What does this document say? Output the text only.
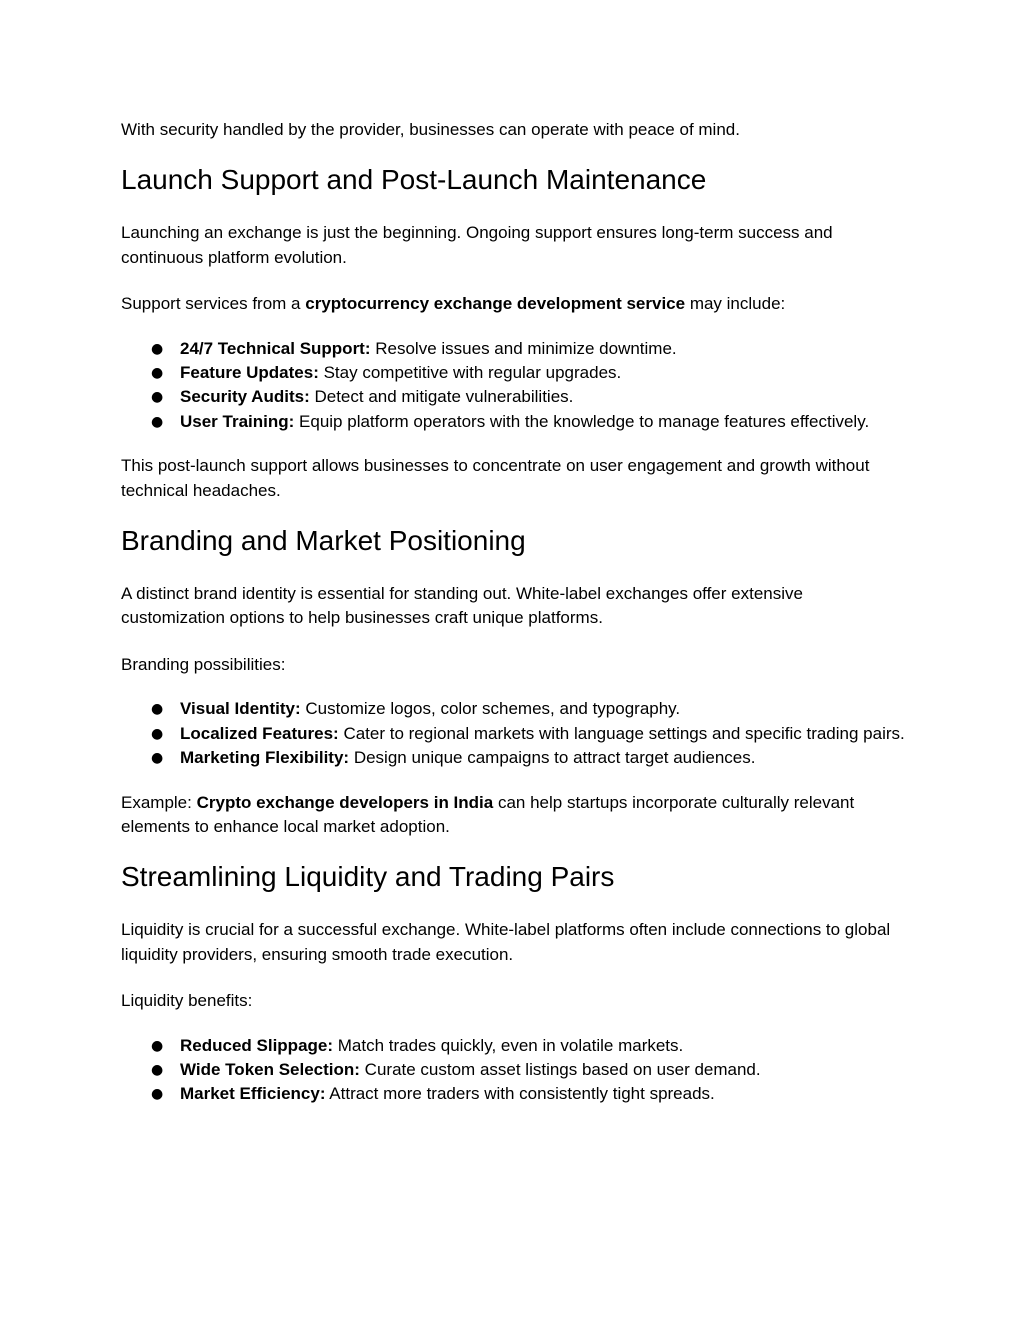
With security handled by the provider, businesses can operate with peace of mind.

Launch Support and Post-Launch Maintenance

Launching an exchange is just the beginning. Ongoing support ensures long-term success and continuous platform evolution.

Support services from a cryptocurrency exchange development service may include:

● 24/7 Technical Support: Resolve issues and minimize downtime.
● Feature Updates: Stay competitive with regular upgrades.
● Security Audits: Detect and mitigate vulnerabilities.
● User Training: Equip platform operators with the knowledge to manage features effectively.

This post-launch support allows businesses to concentrate on user engagement and growth without technical headaches.

Branding and Market Positioning

A distinct brand identity is essential for standing out. White-label exchanges offer extensive customization options to help businesses craft unique platforms.

Branding possibilities:

● Visual Identity: Customize logos, color schemes, and typography.
● Localized Features: Cater to regional markets with language settings and specific trading pairs.
● Marketing Flexibility: Design unique campaigns to attract target audiences.

Example: Crypto exchange developers in India can help startups incorporate culturally relevant elements to enhance local market adoption.

Streamlining Liquidity and Trading Pairs

Liquidity is crucial for a successful exchange. White-label platforms often include connections to global liquidity providers, ensuring smooth trade execution.

Liquidity benefits:

● Reduced Slippage: Match trades quickly, even in volatile markets.
● Wide Token Selection: Curate custom asset listings based on user demand.
● Market Efficiency: Attract more traders with consistently tight spreads.
